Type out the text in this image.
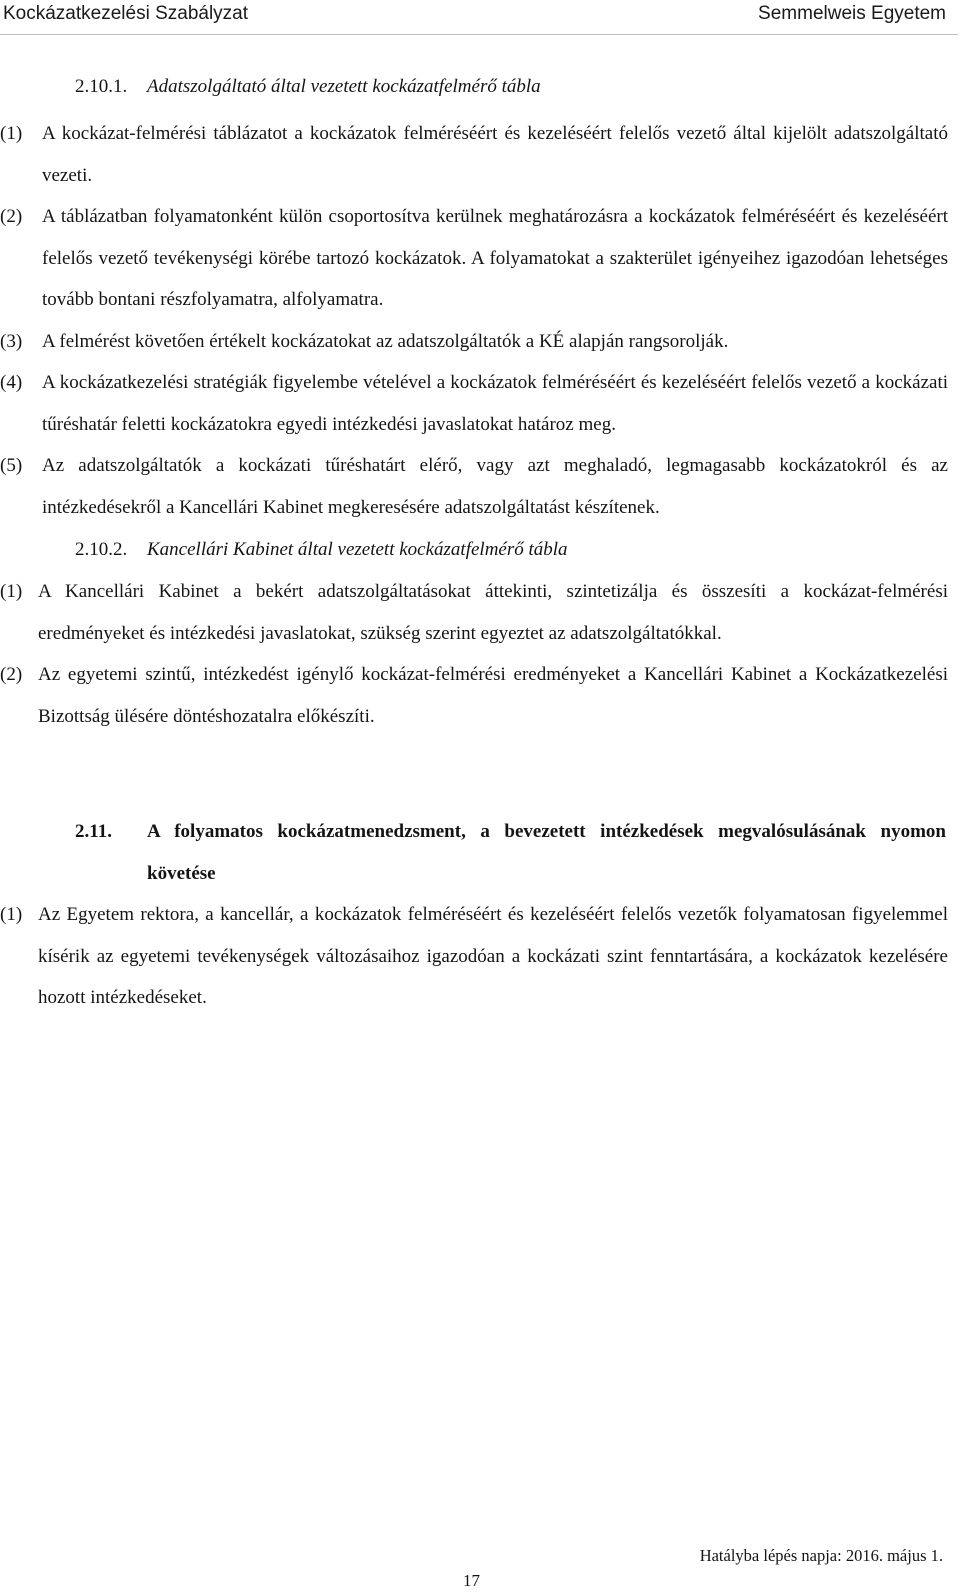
Kockázatkezelési Szabályzat	Semmelweis Egyetem
2.10.1.	Adatszolgáltató által vezetett kockázatfelmérő tábla

(1) A kockázat-felmérési táblázatot a kockázatok felméréséért és kezeléséért felelős vezető által kijelölt adatszolgáltató vezeti.

(2) A táblázatban folyamatonként külön csoportosítva kerülnek meghatározásra a kockázatok felméréséért és kezeléséért felelős vezető tevékenységi körébe tartozó kockázatok. A folyamatokat a szakterület igényeihez igazodóan lehetséges tovább bontani részfolyamatra, alfolyamatra.

(3) A felmérést követően értékelt kockázatokat az adatszolgáltatók a KÉ alapján rangsorolják.

(4) A kockázatkezelési stratégiák figyelembe vételével a kockázatok felméréséért és kezeléséért felelős vezető a kockázati tűréshatár feletti kockázatokra egyedi intézkedési javaslatokat határoz meg.

(5) Az adatszolgáltatók a kockázati tűréshatárt elérő, vagy azt meghaladó, legmagasabb kockázatokról és az intézkedésekről a Kancellári Kabinet megkeresésére adatszolgáltatást készítenek.

2.10.2.	Kancellári Kabinet által vezetett kockázatfelmérő tábla

(1) A Kancellári Kabinet a bekért adatszolgáltatásokat áttekinti, szintetizálja és összesíti a kockázat-felmérési eredményeket és intézkedési javaslatokat, szükség szerint egyeztet az adatszolgáltatókkal.

(2) Az egyetemi szintű, intézkedést igénylő kockázat-felmérési eredményeket a Kancellári Kabinet a Kockázatkezelési Bizottság ülésére döntéshozatalra előkészíti.

2.11. A folyamatos kockázatmenedzsment, a bevezetett intézkedések megvalósulásának nyomon követése

(1) Az Egyetem rektora, a kancellár, a kockázatok felméréséért és kezeléséért felelős vezetők folyamatosan figyelemmel kísérik az egyetemi tevékenységek változásaihoz igazodóan a kockázati szint fenntartására, a kockázatok kezelésére hozott intézkedéseket.

Hatályba lépés napja: 2016. május 1.
17
